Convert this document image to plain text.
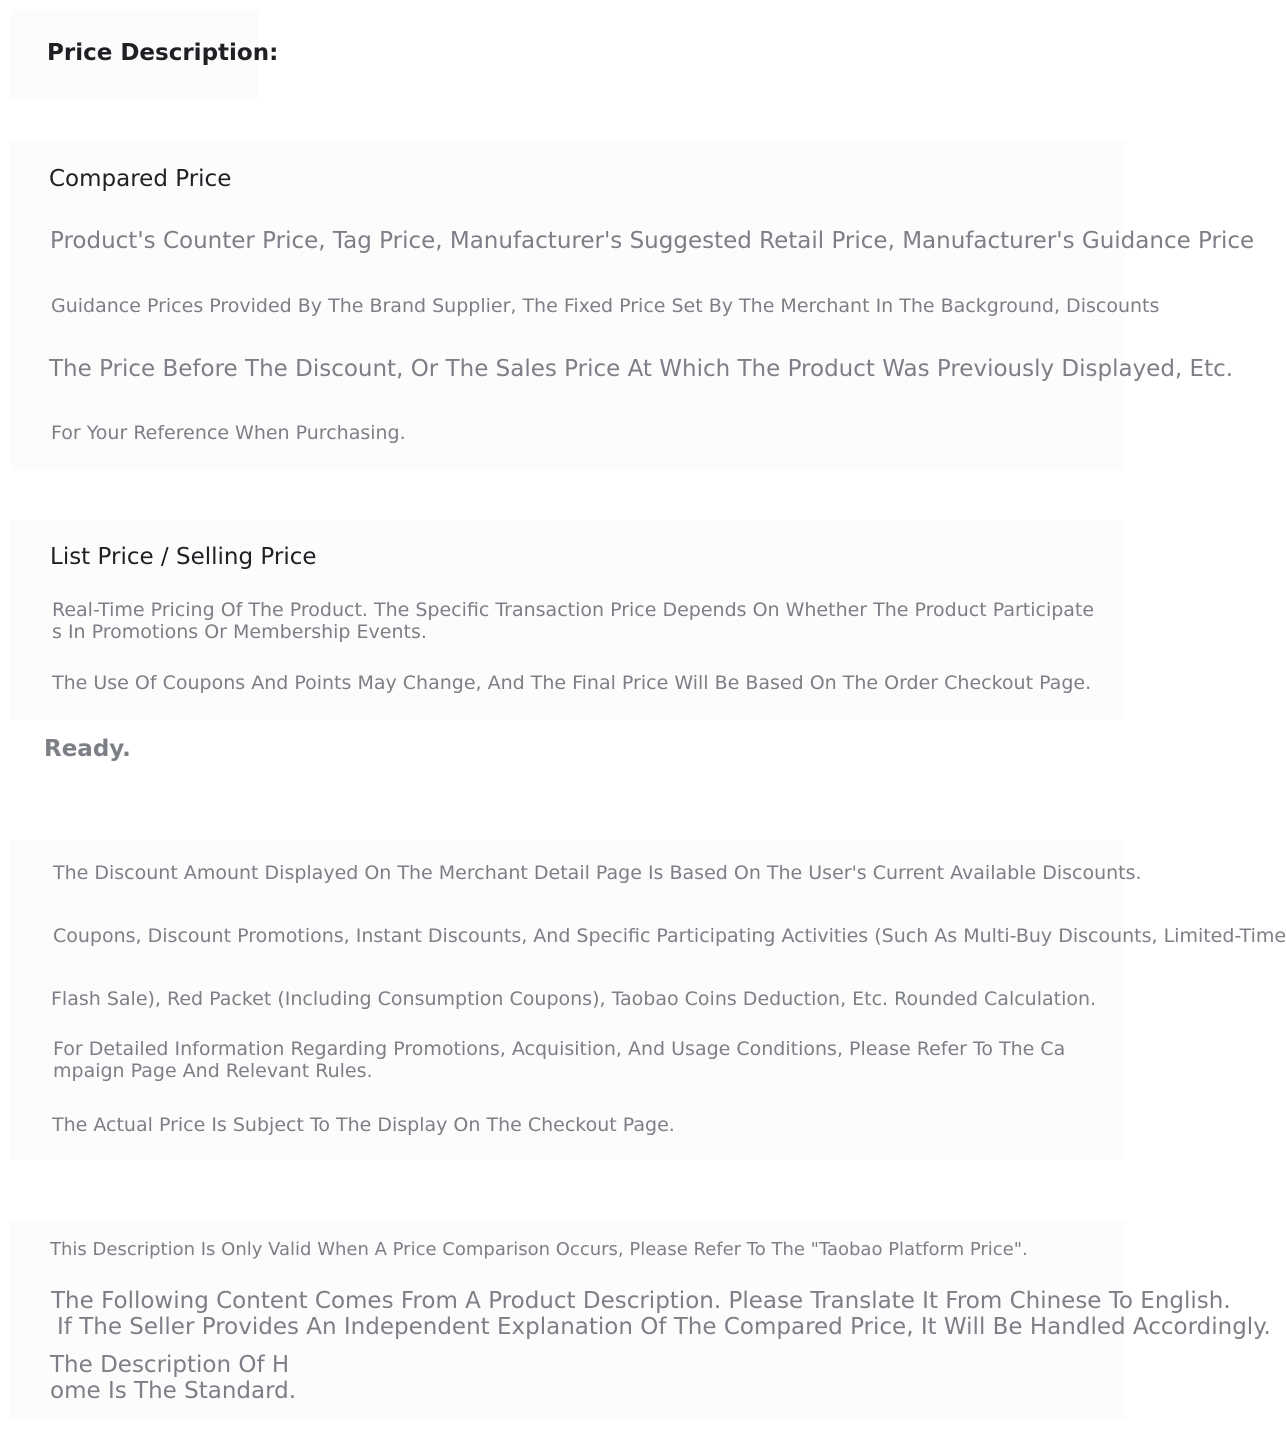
Price Description:
Compared Price

Product's Counter Price, Tag Price, Manufacturer's Suggested Retail Price, Manufacturer's Guidance Price

Guidance Prices Provided By The Brand Supplier, The Fixed Price Set By The Merchant In The Background, Discounts

The Price Before The Discount, Or The Sales Price At Which The Product Was Previously Displayed, Etc.

For Your Reference When Purchasing.

List Price / Selling Price

Real-Time Pricing Of The Product. The Specific Transaction Price Depends On Whether The Product Participates In Promotions Or Membership Events.

The Use Of Coupons And Points May Change, And The Final Price Will Be Based On The Order Checkout Page.

Ready.

The Discount Amount Displayed On The Merchant Detail Page Is Based On The User's Current Available Discounts.

Coupons, Discount Promotions, Instant Discounts, And Specific Participating Activities (Such As Multi-Buy Discounts, Limited-Time

Flash Sale), Red Packet (Including Consumption Coupons), Taobao Coins Deduction, Etc. Rounded Calculation.

For Detailed Information Regarding Promotions, Acquisition, And Usage Conditions, Please Refer To The Campaign Page And Relevant Rules.

The Actual Price Is Subject To The Display On The Checkout Page.

This Description Is Only Valid When A Price Comparison Occurs, Please Refer To The "Taobao Platform Price".

The Following Content Comes From A Product Description. Please Translate It From Chinese To English.

If The Seller Provides An Independent Explanation Of The Compared Price, It Will Be Handled Accordingly.

The Description Of Home Is The Standard.
